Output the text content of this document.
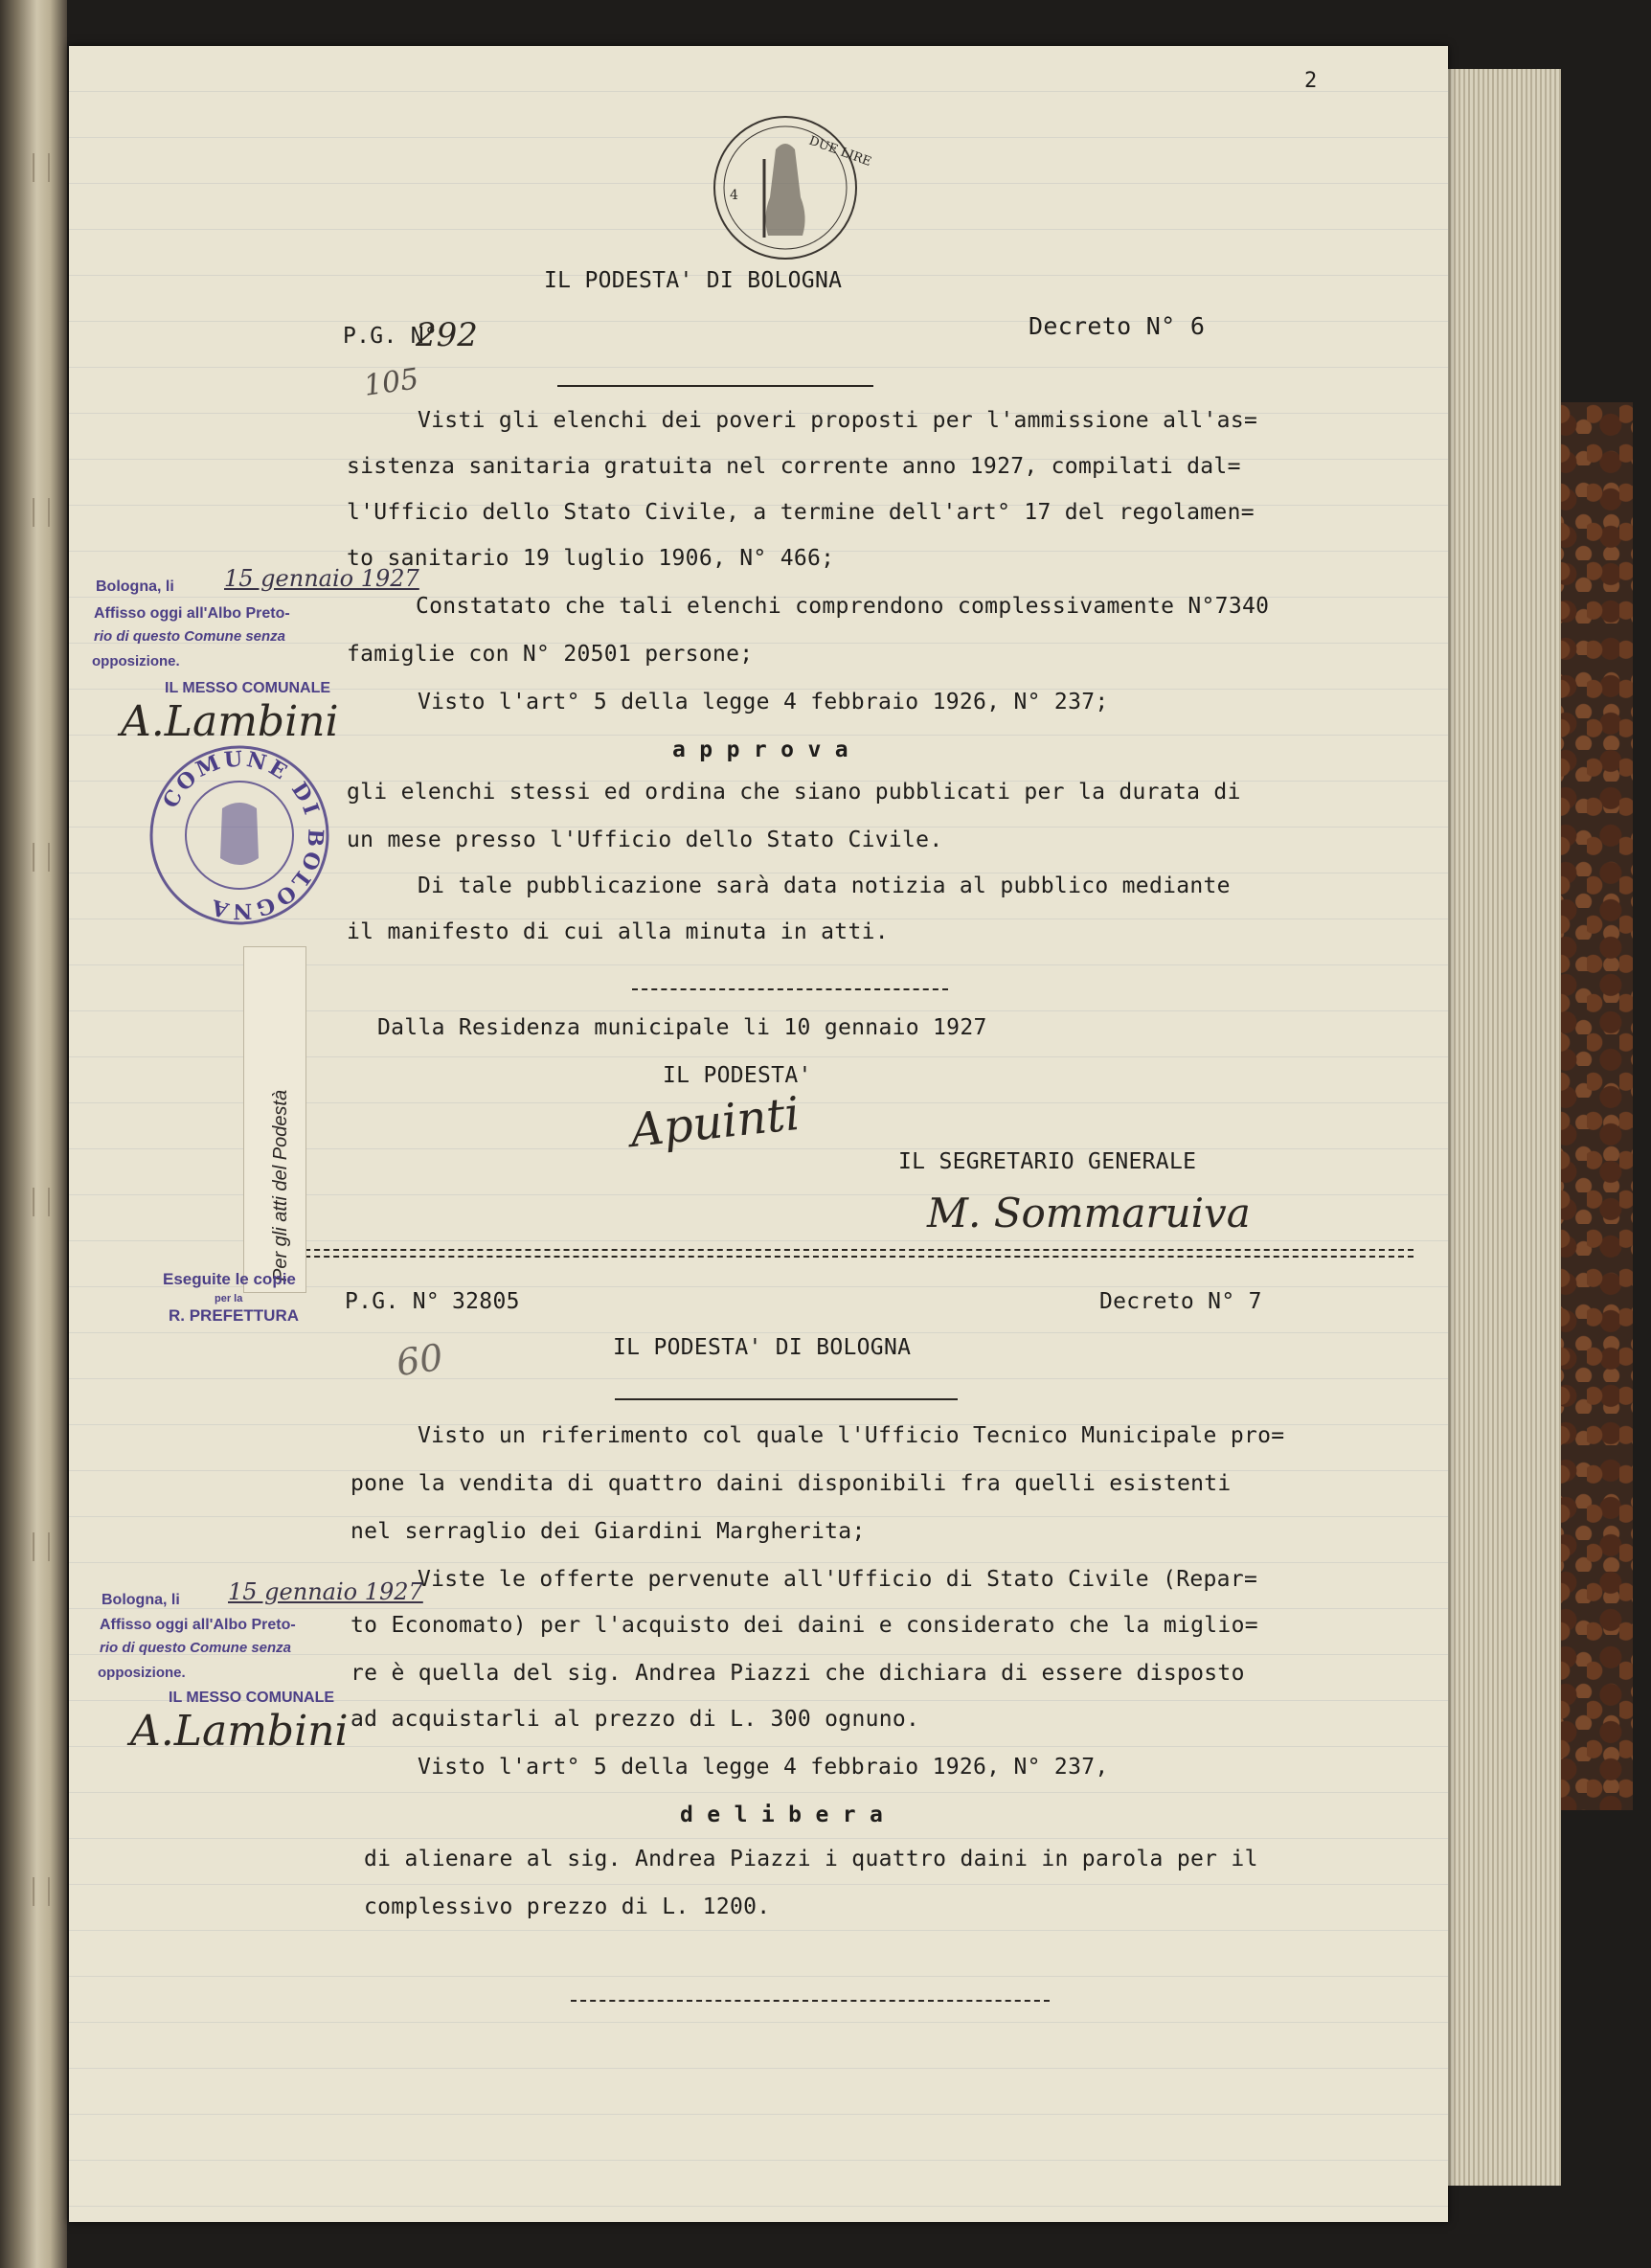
2
DUE LIRE
4
IL PODESTA' DI BOLOGNA
P.G. N°
292	Decreto N° 6
105
Visti gli elenchi dei poveri proposti per l'ammissione all'as=
sistenza sanitaria gratuita nel corrente anno 1927, compilati dal=
l'Ufficio dello Stato Civile, a termine dell'art° 17 del regolamen=
to sanitario 19 luglio 1906, N° 466;
Constatato che tali elenchi comprendono complessivamente N°7340
famiglie con N° 20501 persone;
Visto l'art° 5 della legge 4 febbraio 1926, N° 237;
a p p r o v a
gli elenchi stessi ed ordina che siano pubblicati per la durata di
un mese presso l'Ufficio dello Stato Civile.
Di tale pubblicazione sarà data notizia al pubblico mediante
il manifesto di cui alla minuta in atti.
Dalla Residenza municipale li 10 gennaio 1927
IL PODESTA'
Apuinti
IL SEGRETARIO GENERALE
M. Sommaruiva
P.G. N° 32805	Decreto N° 7
IL PODESTA' DI BOLOGNA
60
Visto un riferimento col quale l'Ufficio Tecnico Municipale pro=
pone la vendita di quattro daini disponibili fra quelli esistenti
nel serraglio dei Giardini Margherita;
Viste le offerte pervenute all'Ufficio di Stato Civile (Repar=
to Economato) per l'acquisto dei daini e considerato che la miglio=
re è quella del sig. Andrea Piazzi che dichiara di essere disposto
ad acquistarli al prezzo di L. 300 ognuno.
Visto l'art° 5 della legge 4 febbraio 1926, N° 237,
d e l i b e r a
di alienare al sig. Andrea Piazzi i quattro daini in parola per il
complessivo prezzo di L. 1200.
Bologna, li 15 gennaio 1927
Affisso oggi all'Albo Preto-
rio di questo Comune senza
opposizione.
IL MESSO COMUNALE
A.Lambini
COMUNE DI BOLOGNA
Per gli atti del Podestà
Eseguite le copie
per la
R. PREFETTURA
Bologna, li 15 gennaio 1927
Affisso oggi all'Albo Preto-
rio di questo Comune senza
opposizione.
IL MESSO COMUNALE
A.Lambini
